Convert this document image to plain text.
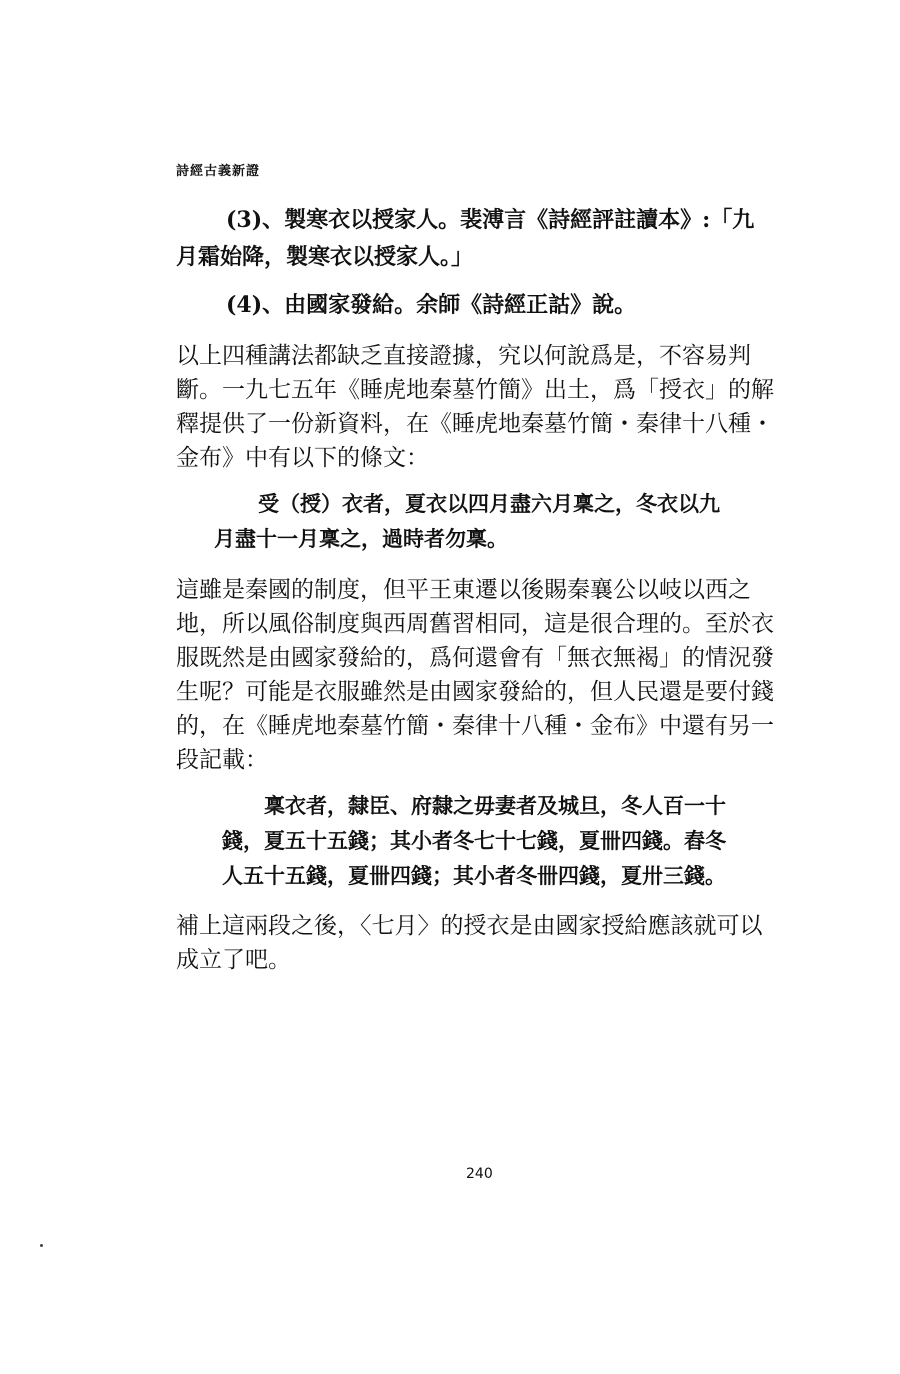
詩經古義新證
(3)、製寒衣以授家人。裴溥言《詩經評註讀本》:「九
月霜始降，製寒衣以授家人。」
(4)、由國家發給。余師《詩經正詁》說。
以上四種講法都缺乏直接證據，究以何說爲是，不容易判
斷。一九七五年《睡虎地秦墓竹簡》出土，爲「授衣」的解
釋提供了一份新資料，在《睡虎地秦墓竹簡・秦律十八種・
金布》中有以下的條文：
受（授）衣者，夏衣以四月盡六月稟之，冬衣以九
月盡十一月稟之，過時者勿稟。
這雖是秦國的制度，但平王東遷以後賜秦襄公以岐以西之
地，所以風俗制度與西周舊習相同，這是很合理的。至於衣
服既然是由國家發給的，爲何還會有「無衣無褐」的情況發
生呢？可能是衣服雖然是由國家發給的，但人民還是要付錢
的，在《睡虎地秦墓竹簡・秦律十八種・金布》中還有另一
段記載：
稟衣者，隸臣、府隸之毋妻者及城旦，冬人百一十
錢，夏五十五錢；其小者冬七十七錢，夏卌四錢。舂冬
人五十五錢，夏卌四錢；其小者冬卌四錢，夏卅三錢。
補上這兩段之後，〈七月〉的授衣是由國家授給應該就可以
成立了吧。
240
